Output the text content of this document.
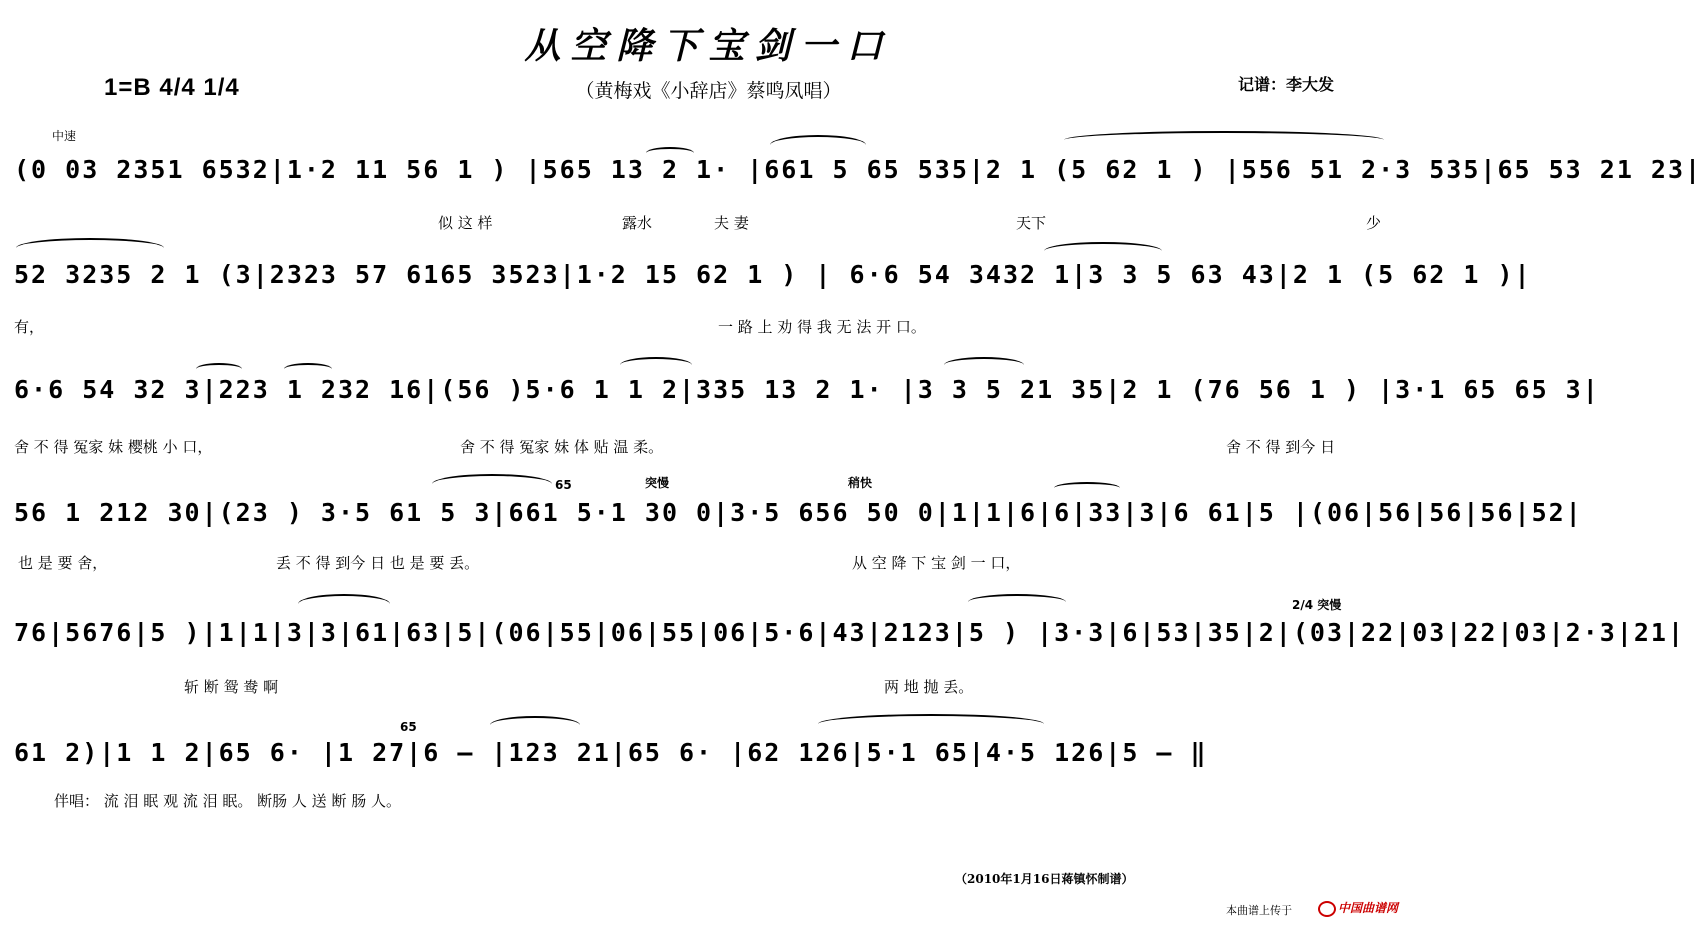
从空降下宝剑一口
1=B 4/4 1/4	（黄梅戏《小辞店》蔡鸣凤唱）	记谱：李大发
中速
(0 03 2351 6532|1·2 11 56 1 ) |565 13 2 1· |661 5 65 535|2 1 (5 62 1 ) |556 51 2·3 535|65 53 21 23|
似 这 样	露水	夫 妻	天下	少
52 3235 2 1 (3|2323 57 6165 3523|1·2 15 62 1 ) | 6·6 54 3432 1|3 3 5 63 43|2 1 (5 62 1 )|
有，	一 路 上 劝 得 我 无 法 开 口。
6·6 54 32 3|223 1 232 16|(56 )5·6 1 1 2|335 13 2 1· |3 3 5 21 35|2 1 (76 56 1 ) |3·1 65 65 3|
舍 不 得 冤家 妹 樱桃 小 口，	舍 不 得 冤家 妹 体 贴 温 柔。	舍 不 得 到今 日
56 1 212 30|(23 ) 3·5 61 5 3|661 5·1 30 0|3·5 656 50 0|1|1|6|6|33|3|6 61|5 |(06|56|56|56|52|
也 是 要 舍，	丢 不 得 到今 日 也 是 要 丢。	从 空 降 下 宝 剑 一 口，
65	突慢	稍快
76|5676|5 )|1|1|3|3|61|63|5|(06|55|06|55|06|5·6|43|2123|5 ) |3·3|6|53|35|2|(03|22|03|22|03|2·3|21|
斩 断 鸳 鸯 啊	两 地 抛 丢。
2/4 突慢
61 2)|1 1 2|65 6· |1 27|6 — |123 21|65 6· |62 126|5·1 65|4·5 126|5 — ‖
伴唱： 流 泪 眠 观 流 泪 眠。 断肠 人 送 断 肠 人。
65
（2010年1月16日蒋镇怀制谱）
本曲谱上传于	中国曲谱网
